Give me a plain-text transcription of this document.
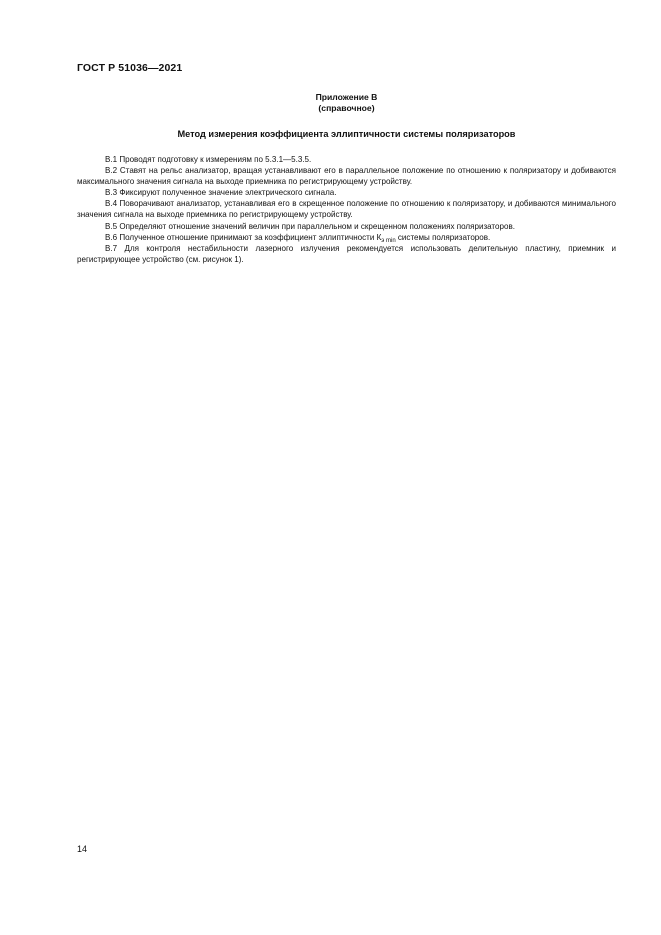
ГОСТ Р 51036—2021
Приложение В
(справочное)
Метод измерения коэффициента эллиптичности системы поляризаторов

В.1 Проводят подготовку к измерениям по 5.3.1—5.3.5.

В.2 Ставят на рельс анализатор, вращая устанавливают его в параллельное положение по отношению к поляризатору и добиваются максимального значения сигнала на выходе приемника по регистрирующему устройству.

В.3 Фиксируют полученное значение электрического сигнала.

В.4 Поворачивают анализатор, устанавливая его в скрещенное положение по отношению к поляризатору, и добиваются минимального значения сигнала на выходе приемника по регистрирующему устройству.

В.5 Определяют отношение значений величин при параллельном и скрещенном положениях поляризаторов.

В.6 Полученное отношение принимают за коэффициент эллиптичности $К_{э min}$ системы поляризаторов.

В.7 Для контроля нестабильности лазерного излучения рекомендуется использовать делительную пластину, приемник и регистрирующее устройство (см. рисунок 1).

14
